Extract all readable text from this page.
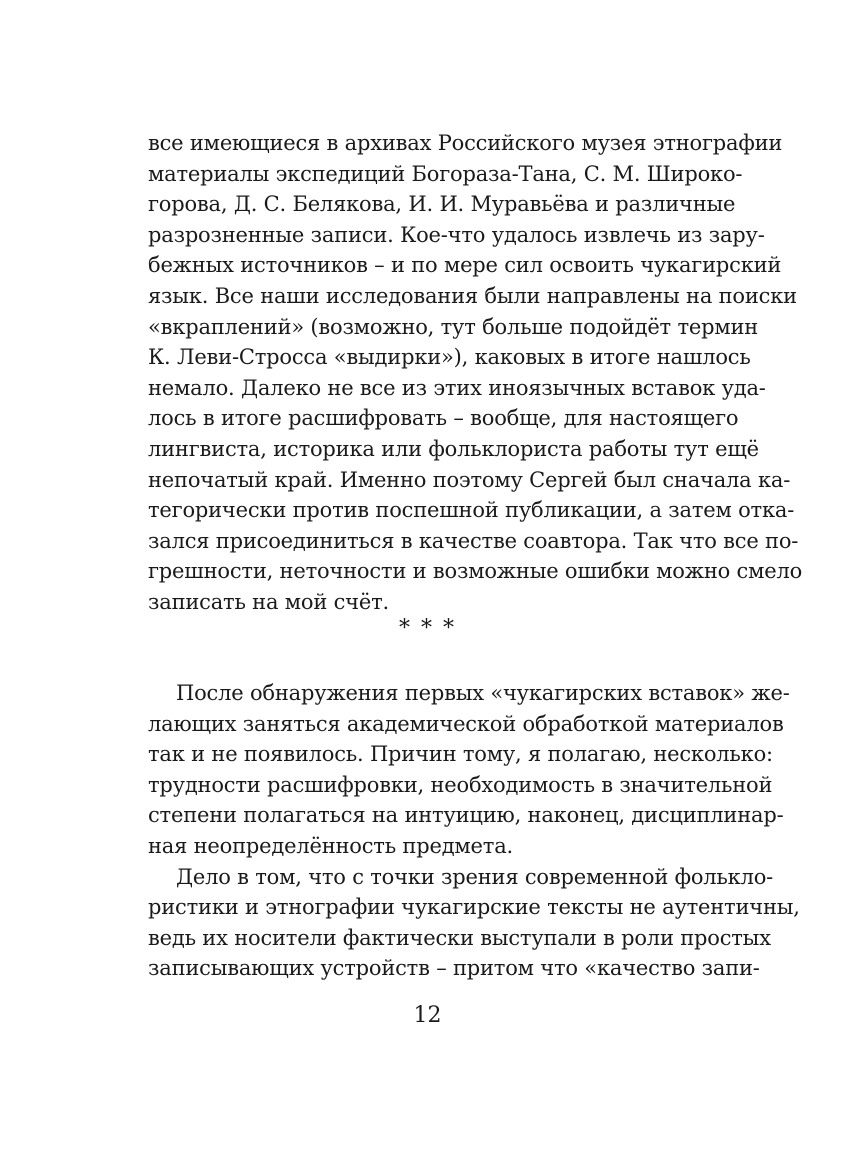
все имеющиеся в архивах Российского музея этнографии
материалы экспедиций Богораза-Тана, С. М. Широко-
горова, Д. С. Белякова, И. И. Муравьёва и различные
разрозненные записи. Кое-что удалось извлечь из зару-
бежных источников – и по мере сил освоить чукагирский
язык. Все наши исследования были направлены на поиски
«вкраплений» (возможно, тут больше подойдёт термин
К. Леви-Стросса «выдирки»), каковых в итоге нашлось
немало. Далеко не все из этих иноязычных вставок уда-
лось в итоге расшифровать – вообще, для настоящего
лингвиста, историка или фольклориста работы тут ещё
непочатый край. Именно поэтому Сергей был сначала ка-
тегорически против поспешной публикации, а затем отка-
зался присоединиться в качестве соавтора. Так что все по-
грешности, неточности и возможные ошибки можно смело
записать на мой счёт.
* * *
После обнаружения первых «чукагирских вставок» же-
лающих заняться академической обработкой материалов
так и не появилось. Причин тому, я полагаю, несколько:
трудности расшифровки, необходимость в значительной
степени полагаться на интуицию, наконец, дисциплинар-
ная неопределённость предмета.
Дело в том, что с точки зрения современной фолькло-
ристики и этнографии чукагирские тексты не аутентичны,
ведь их носители фактически выступали в роли простых
записывающих устройств – притом что «качество запи-
12
